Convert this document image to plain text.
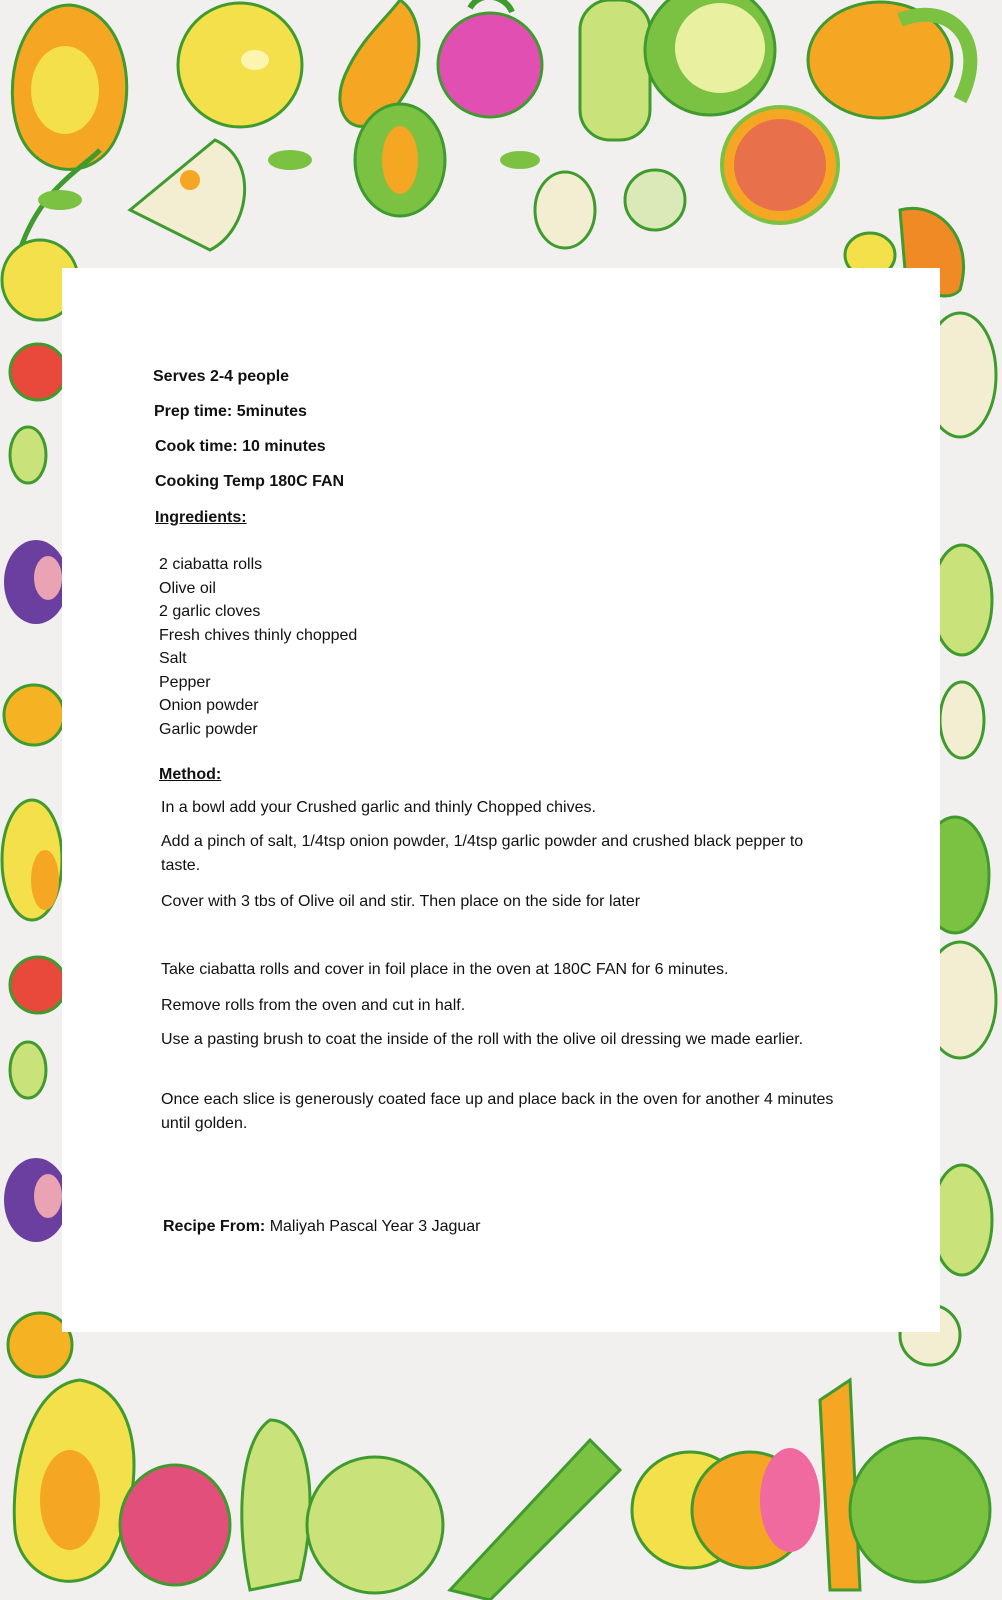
Serves 2-4 people
Prep time: 5minutes
Cook time: 10 minutes
Cooking Temp 180C FAN
Ingredients:
2 ciabatta rolls
Olive oil
2 garlic cloves
Fresh chives thinly chopped
Salt
Pepper
Onion powder
Garlic powder
Method:
In a bowl add your Crushed garlic and thinly Chopped chives.
Add a pinch of salt, 1/4tsp onion powder, 1/4tsp garlic powder and crushed black pepper to taste.
Cover with 3 tbs of Olive oil and stir. Then place on the side for later
Take ciabatta rolls and cover in foil place in the oven at 180C FAN for 6 minutes.
Remove rolls from the oven and cut in half.
Use a pasting brush to coat the inside of the roll with the olive oil dressing we made earlier.
Once each slice is generously coated face up and place back in the oven for another 4 minutes until golden.
Recipe From: Maliyah Pascal Year 3 Jaguar
